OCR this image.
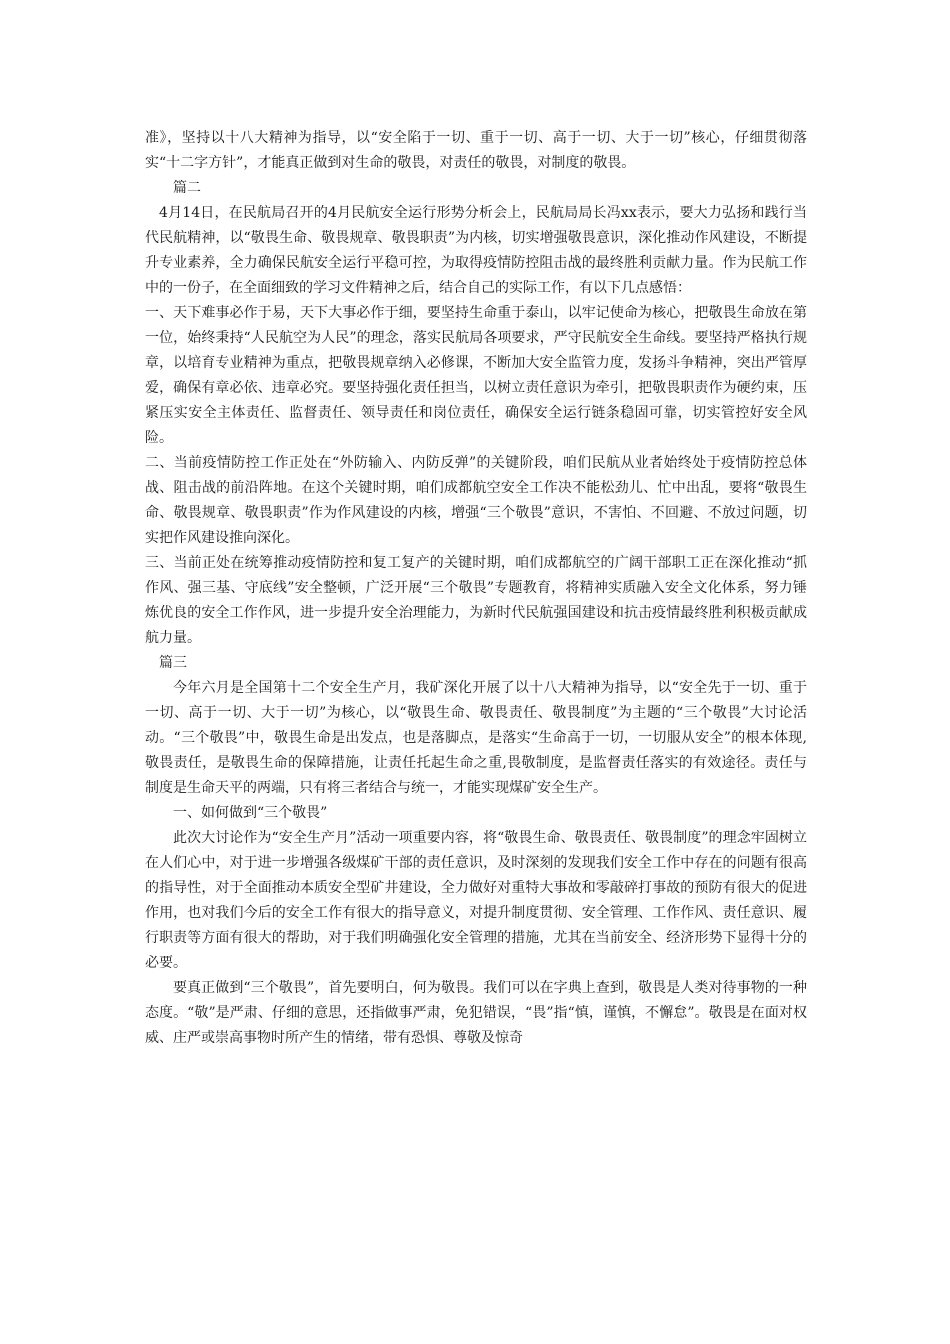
准》，坚持以十八大精神为指导，以“安全陷于一切、重于一切、高于一切、大于一切”核心，仔细贯彻落实“十二字方针”，才能真正做到对生命的敬畏，对责任的敬畏，对制度的敬畏。

篇二

4月14日，在民航局召开的4月民航安全运行形势分析会上，民航局局长冯xx表示，要大力弘扬和践行当代民航精神，以“敬畏生命、敬畏规章、敬畏职责”为内核，切实增强敬畏意识，深化推动作风建设，不断提升专业素养，全力确保民航安全运行平稳可控，为取得疫情防控阻击战的最终胜利贡献力量。作为民航工作中的一份子，在全面细致的学习文件精神之后，结合自己的实际工作，有以下几点感悟：

一、天下难事必作于易，天下大事必作于细，要坚持生命重于泰山，以牢记使命为核心，把敬畏生命放在第一位，始终秉持“人民航空为人民”的理念，落实民航局各项要求，严守民航安全生命线。要坚持严格执行规章，以培育专业精神为重点，把敬畏规章纳入必修课，不断加大安全监管力度，发扬斗争精神，突出严管厚爱，确保有章必依、违章必究。要坚持强化责任担当，以树立责任意识为牵引，把敬畏职责作为硬约束，压紧压实安全主体责任、监督责任、领导责任和岗位责任，确保安全运行链条稳固可靠，切实管控好安全风险。

二、当前疫情防控工作正处在“外防输入、内防反弹”的关键阶段，咱们民航从业者始终处于疫情防控总体战、阻击战的前沿阵地。在这个关键时期，咱们成都航空安全工作决不能松劲儿、忙中出乱，要将“敬畏生命、敬畏规章、敬畏职责”作为作风建设的内核，增强“三个敬畏”意识，不害怕、不回避、不放过问题，切实把作风建设推向深化。

三、当前正处在统筹推动疫情防控和复工复产的关键时期，咱们成都航空的广阔干部职工正在深化推动“抓作风、强三基、守底线”安全整顿，广泛开展“三个敬畏”专题教育，将精神实质融入安全文化体系，努力锤炼优良的安全工作作风，进一步提升安全治理能力，为新时代民航强国建设和抗击疫情最终胜利积极贡献成航力量。

篇三

今年六月是全国第十二个安全生产月，我矿深化开展了以十八大精神为指导，以“安全先于一切、重于一切、高于一切、大于一切”为核心，以“敬畏生命、敬畏责任、敬畏制度”为主题的“三个敬畏”大讨论活动。“三个敬畏”中，敬畏生命是出发点，也是落脚点，是落实“生命高于一切，一切服从安全”的根本体现,敬畏责任，是敬畏生命的保障措施，让责任托起生命之重,畏敬制度，是监督责任落实的有效途径。责任与制度是生命天平的两端，只有将三者结合与统一，才能实现煤矿安全生产。

一、如何做到“三个敬畏”

此次大讨论作为“安全生产月”活动一项重要内容，将“敬畏生命、敬畏责任、敬畏制度”的理念牢固树立在人们心中，对于进一步增强各级煤矿干部的责任意识，及时深刻的发现我们安全工作中存在的问题有很高的指导性，对于全面推动本质安全型矿井建设，全力做好对重特大事故和零敲碎打事故的预防有很大的促进作用，也对我们今后的安全工作有很大的指导意义，对提升制度贯彻、安全管理、工作作风、责任意识、履行职责等方面有很大的帮助，对于我们明确强化安全管理的措施，尤其在当前安全、经济形势下显得十分的必要。

要真正做到“三个敬畏”，首先要明白，何为敬畏。我们可以在字典上查到，敬畏是人类对待事物的一种态度。“敬”是严肃、仔细的意思，还指做事严肃，免犯错误，“畏”指“慎，谨慎，不懈怠”。敬畏是在面对权威、庄严或崇高事物时所产生的情绪，带有恐惧、尊敬及惊奇
